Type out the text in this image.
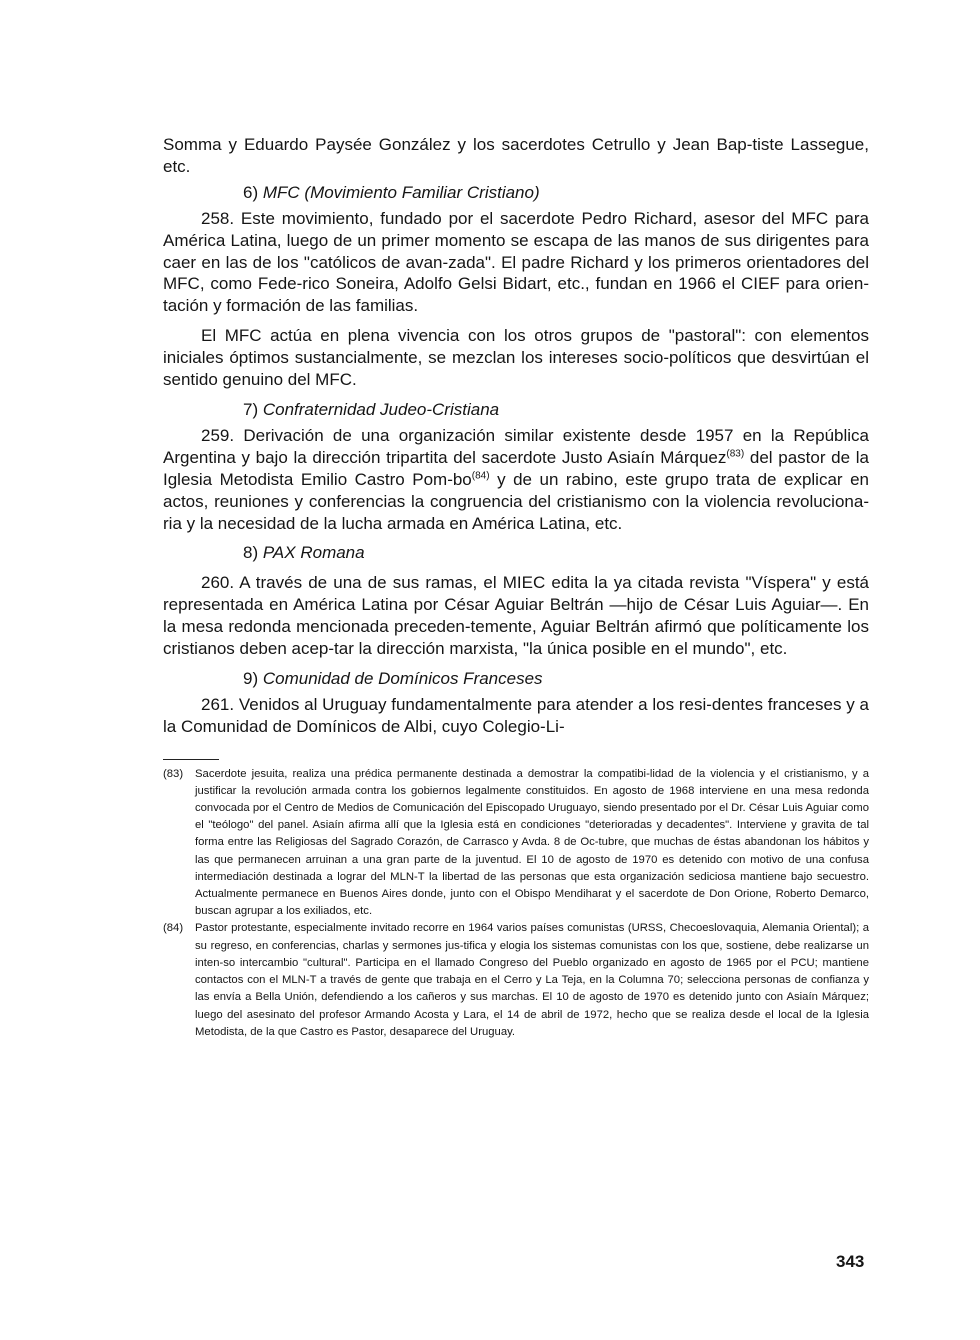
Somma y Eduardo Paysée González y los sacerdotes Cetrullo y Jean Bap-tiste Lassegue, etc.

6) MFC (Movimiento Familiar Cristiano)

258. Este movimiento, fundado por el sacerdote Pedro Richard, asesor del MFC para América Latina, luego de un primer momento se escapa de las manos de sus dirigentes para caer en las de los "católicos de avan-zada". El padre Richard y los primeros orientadores del MFC, como Fede-rico Soneira, Adolfo Gelsi Bidart, etc., fundan en 1966 el CIEF para orien-tación y formación de las familias.

El MFC actúa en plena vivencia con los otros grupos de "pastoral": con elementos iniciales óptimos sustancialmente, se mezclan los intereses socio-políticos que desvirtúan el sentido genuino del MFC.

7) Confraternidad Judeo-Cristiana

259. Derivación de una organización similar existente desde 1957 en la República Argentina y bajo la dirección tripartita del sacerdote Justo Asiaín Márquez$^{(83)}$ del pastor de la Iglesia Metodista Emilio Castro Pom-$bo^{(84)}$ y de un rabino, este grupo trata de explicar en actos, reuniones y conferencias la congruencia del cristianismo con la violencia revoluciona-ria y la necesidad de la lucha armada en América Latina, etc.

8) PAX Romana

260. A través de una de sus ramas, el MIEC edita la ya citada revista "Víspera" y está representada en América Latina por César Aguiar Beltrán —hijo de César Luis Aguiar—. En la mesa redonda mencionada preceden-temente, Aguiar Beltrán afirmó que políticamente los cristianos deben acep-tar la dirección marxista, "la única posible en el mundo", etc.

9) Comunidad de Domínicos Franceses

261. Venidos al Uruguay fundamentalmente para atender a los resi-dentes franceses y a la Comunidad de Domínicos de Albi, cuyo Colegio-Li-

(83) Sacerdote jesuita, realiza una prédica permanente destinada a demostrar la compatibi-lidad de la violencia y el cristianismo, y a justificar la revolución armada contra los gobiernos legalmente constituidos. En agosto de 1968 interviene en una mesa redonda convocada por el Centro de Medios de Comunicación del Episcopado Uruguayo, siendo presentado por el Dr. César Luis Aguiar como el "teólogo" del panel. Asiaín afirma allí que la Iglesia está en condiciones "deterioradas y decadentes". Interviene y gravita de tal forma entre las Religiosas del Sagrado Corazón, de Carrasco y Avda. 8 de Oc-tubre, que muchas de éstas abandonan los hábitos y las que permanecen arruinan a una gran parte de la juventud. El 10 de agosto de 1970 es detenido con motivo de una confusa intermediación destinada a lograr del MLN-T la libertad de las personas que esta organización sediciosa mantiene bajo secuestro. Actualmente permanece en Buenos Aires donde, junto con el Obispo Mendiharat y el sacerdote de Don Orione, Roberto Demarco, buscan agrupar a los exiliados, etc.

(84) Pastor protestante, especialmente invitado recorre en 1964 varios países comunistas (URSS, Checoeslovaquia, Alemania Oriental); a su regreso, en conferencias, charlas y sermones jus-tifica y elogia los sistemas comunistas con los que, sostiene, debe realizarse un inten-so intercambio "cultural". Participa en el llamado Congreso del Pueblo organizado en agosto de 1965 por el PCU; mantiene contactos con el MLN-T a través de gente que trabaja en el Cerro y La Teja, en la Columna 70; selecciona personas de confianza y las envía a Bella Unión, defendiendo a los cañeros y sus marchas. El 10 de agosto de 1970 es detenido junto con Asiaín Márquez; luego del asesinato del profesor Armando Acosta y Lara, el 14 de abril de 1972, hecho que se realiza desde el local de la Iglesia Metodista, de la que Castro es Pastor, desaparece del Uruguay.

343
